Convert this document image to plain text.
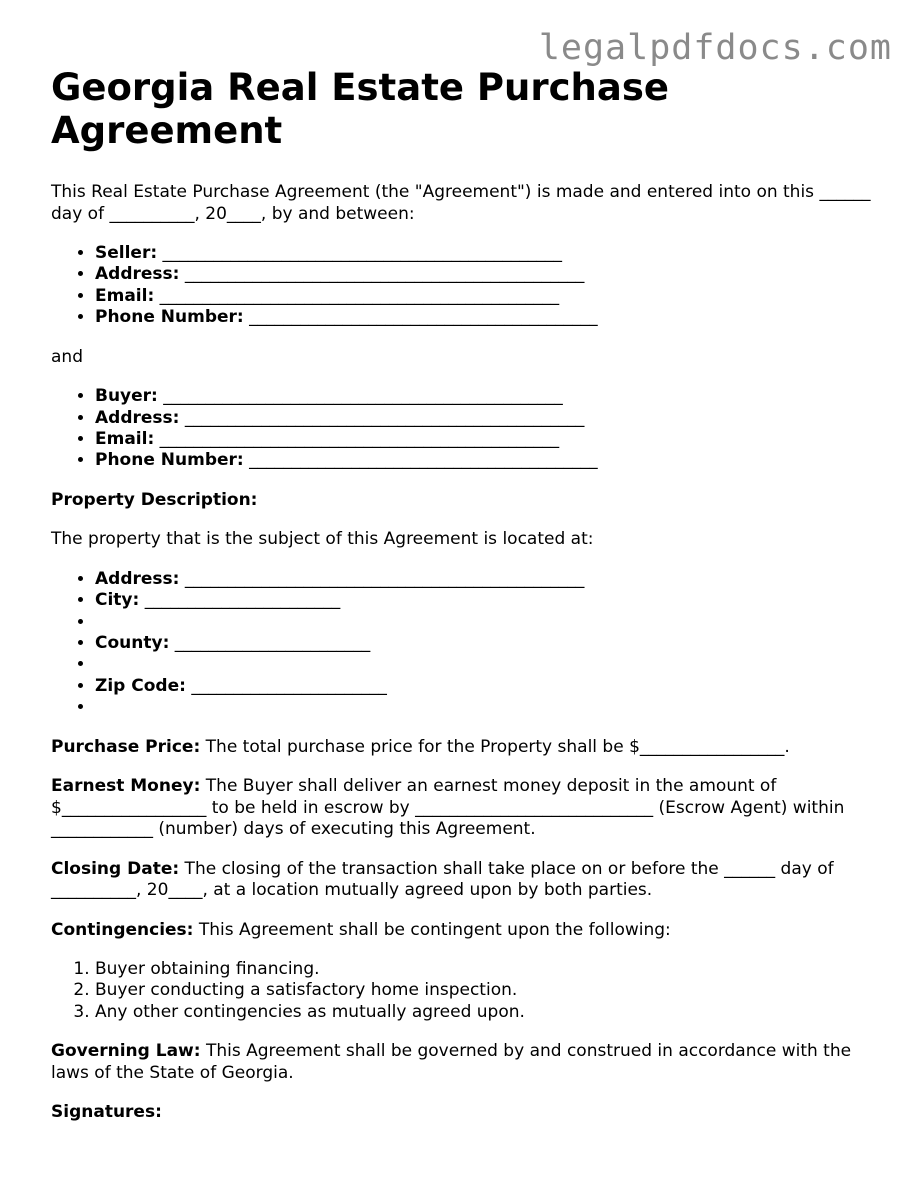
legalpdfdocs.com
Georgia Real Estate Purchase Agreement

This Real Estate Purchase Agreement (the "Agreement") is made and entered into on this ______ day of __________, 20____, by and between:

• Seller: _______________________________________________
• Address: _______________________________________________
• Email: _______________________________________________
• Phone Number: _________________________________________

and

• Buyer: _______________________________________________
• Address: _______________________________________________
• Email: _______________________________________________
• Phone Number: _________________________________________

Property Description:

The property that is the subject of this Agreement is located at:

• Address: _______________________________________________
• City: _______________________
•
• County: _______________________
•
• Zip Code: _______________________
•

Purchase Price: The total purchase price for the Property shall be $_________________.

Earnest Money: The Buyer shall deliver an earnest money deposit in the amount of $_________________ to be held in escrow by ____________________________ (Escrow Agent) within ____________ (number) days of executing this Agreement.

Closing Date: The closing of the transaction shall take place on or before the ______ day of __________, 20____, at a location mutually agreed upon by both parties.

Contingencies: This Agreement shall be contingent upon the following:

1. Buyer obtaining financing.
2. Buyer conducting a satisfactory home inspection.
3. Any other contingencies as mutually agreed upon.

Governing Law: This Agreement shall be governed by and construed in accordance with the laws of the State of Georgia.

Signatures:
